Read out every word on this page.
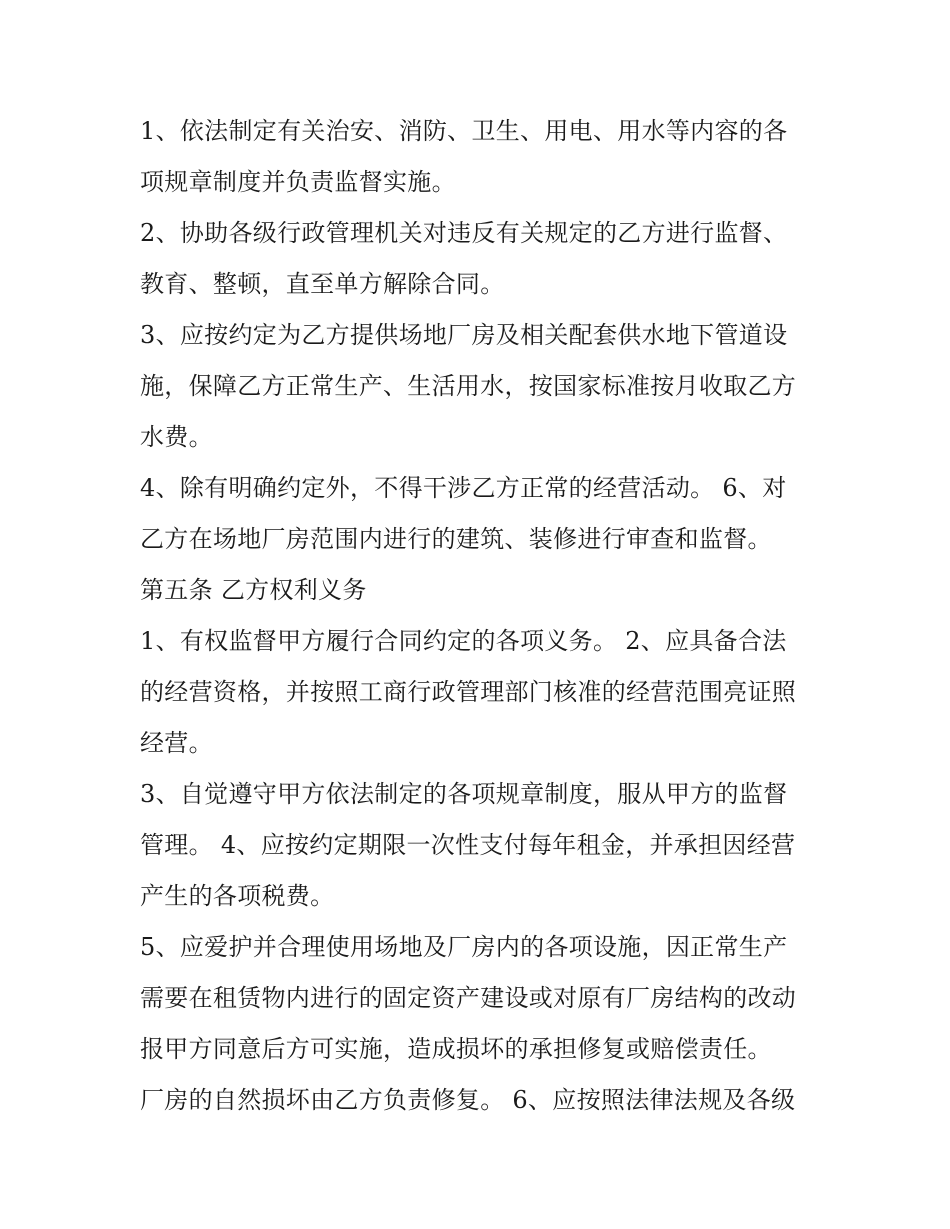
1、依法制定有关治安、消防、卫生、用电、用水等内容的各
项规章制度并负责监督实施。
2、协助各级行政管理机关对违反有关规定的乙方进行监督、
教育、整顿，直至单方解除合同。
3、应按约定为乙方提供场地厂房及相关配套供水地下管道设
施，保障乙方正常生产、生活用水，按国家标准按月收取乙方
水费。
4、除有明确约定外，不得干涉乙方正常的经营活动。 6、对
乙方在场地厂房范围内进行的建筑、装修进行审查和监督。
第五条 乙方权利义务
1、有权监督甲方履行合同约定的各项义务。 2、应具备合法
的经营资格，并按照工商行政管理部门核准的经营范围亮证照
经营。
3、自觉遵守甲方依法制定的各项规章制度，服从甲方的监督
管理。 4、应按约定期限一次性支付每年租金，并承担因经营
产生的各项税费。
5、应爱护并合理使用场地及厂房内的各项设施，因正常生产
需要在租赁物内进行的固定资产建设或对原有厂房结构的改动
报甲方同意后方可实施，造成损坏的承担修复或赔偿责任。
厂房的自然损坏由乙方负责修复。 6、应按照法律法规及各级
